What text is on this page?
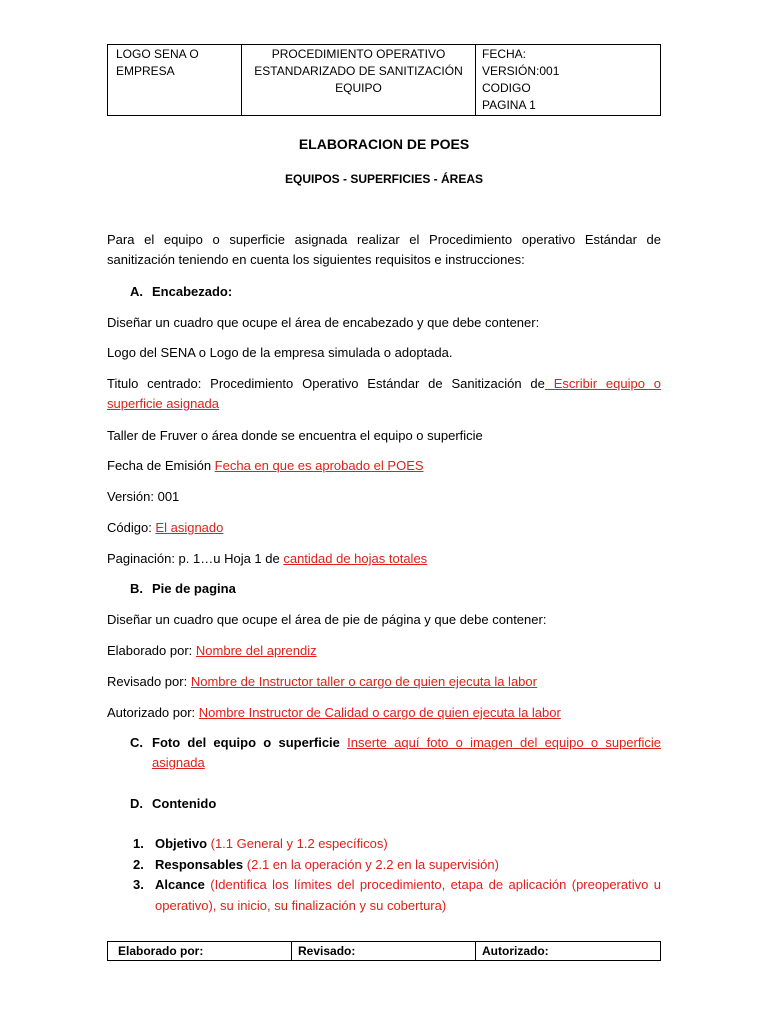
LOGO SENA O
EMPRESA

PROCEDIMIENTO OPERATIVO
ESTANDARIZADO DE SANITIZACIÓN
EQUIPO

FECHA:
VERSIÓN:001
CODIGO
PAGINA 1
ELABORACION DE POES
EQUIPOS - SUPERFICIES - ÁREAS
Para el equipo o superficie asignada realizar el Procedimiento operativo Estándar de sanitización teniendo en cuenta los siguientes requisitos e instrucciones:
A. Encabezado:
Diseñar un cuadro que ocupe el área de encabezado y que debe contener:
Logo del SENA o Logo de la empresa simulada o adoptada.
Titulo centrado: Procedimiento Operativo Estándar de Sanitización de Escribir equipo o superficie asignada
Taller de Fruver o área donde se encuentra el equipo o superficie
Fecha de Emisión Fecha en que es aprobado el POES
Versión: 001
Código: El asignado
Paginación: p. 1…u Hoja 1 de cantidad de hojas totales
B. Pie de pagina
Diseñar un cuadro que ocupe el área de pie de página y que debe contener:
Elaborado por: Nombre del aprendiz
Revisado por: Nombre de Instructor taller o cargo de quien ejecuta la labor
Autorizado por: Nombre Instructor de Calidad o cargo de quien ejecuta la labor
C. Foto del equipo o superficie Inserte aquí foto o imagen del equipo o superficie asignada
D. Contenido
1. Objetivo (1.1 General y 1.2 específicos)
2. Responsables (2.1 en la operación y 2.2 en la supervisión)
3. Alcance (Identifica los límites del procedimiento, etapa de aplicación (preoperativo u operativo), su inicio, su finalización y su cobertura)
Elaborado por:	Revisado:	Autorizado:
